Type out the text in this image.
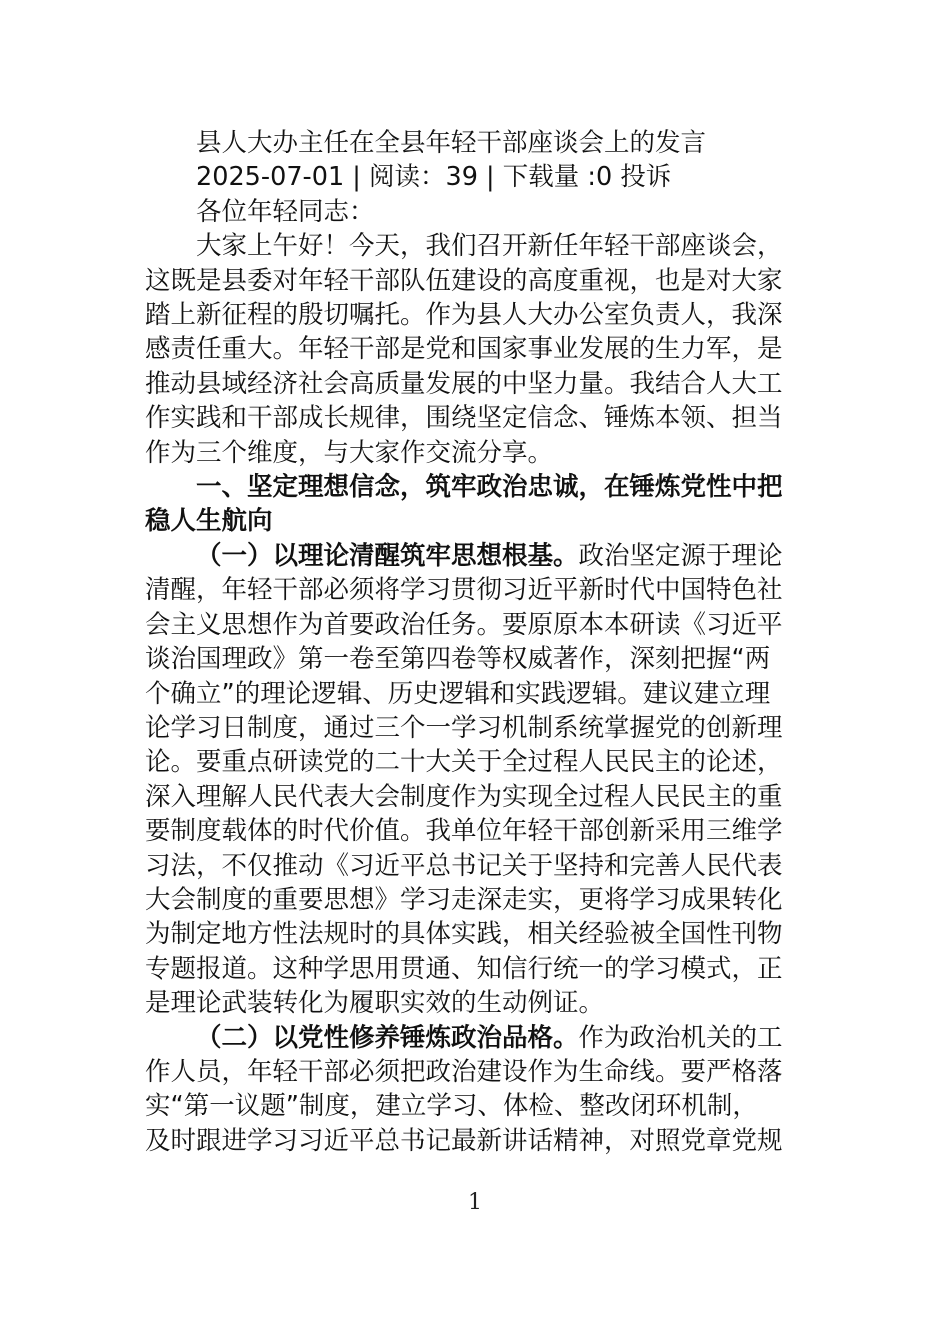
县人大办主任在全县年轻干部座谈会上的发言

2025-07-01 | 阅读：39 | 下载量 :0 投诉

各位年轻同志：

大家上午好！今天，我们召开新任年轻干部座谈会，

这既是县委对年轻干部队伍建设的高度重视，也是对大家

踏上新征程的殷切嘱托。作为县人大办公室负责人，我深

感责任重大。年轻干部是党和国家事业发展的生力军，是

推动县域经济社会高质量发展的中坚力量。我结合人大工

作实践和干部成长规律，围绕坚定信念、锤炼本领、担当

作为三个维度，与大家作交流分享。

一、坚定理想信念，筑牢政治忠诚，在锤炼党性中把

稳人生航向

（一）以理论清醒筑牢思想根基。政治坚定源于理论

清醒，年轻干部必须将学习贯彻习近平新时代中国特色社

会主义思想作为首要政治任务。要原原本本研读《习近平

谈治国理政》第一卷至第四卷等权威著作，深刻把握“两

个确立”的理论逻辑、历史逻辑和实践逻辑。建议建立理

论学习日制度，通过三个一学习机制系统掌握党的创新理

论。要重点研读党的二十大关于全过程人民民主的论述，

深入理解人民代表大会制度作为实现全过程人民民主的重

要制度载体的时代价值。我单位年轻干部创新采用三维学

习法，不仅推动《习近平总书记关于坚持和完善人民代表

大会制度的重要思想》学习走深走实，更将学习成果转化

为制定地方性法规时的具体实践，相关经验被全国性刊物

专题报道。这种学思用贯通、知信行统一的学习模式，正

是理论武装转化为履职实效的生动例证。

（二）以党性修养锤炼政治品格。作为政治机关的工

作人员，年轻干部必须把政治建设作为生命线。要严格落

实“第一议题”制度，建立学习、体检、整改闭环机制，

及时跟进学习习近平总书记最新讲话精神，对照党章党规

1
